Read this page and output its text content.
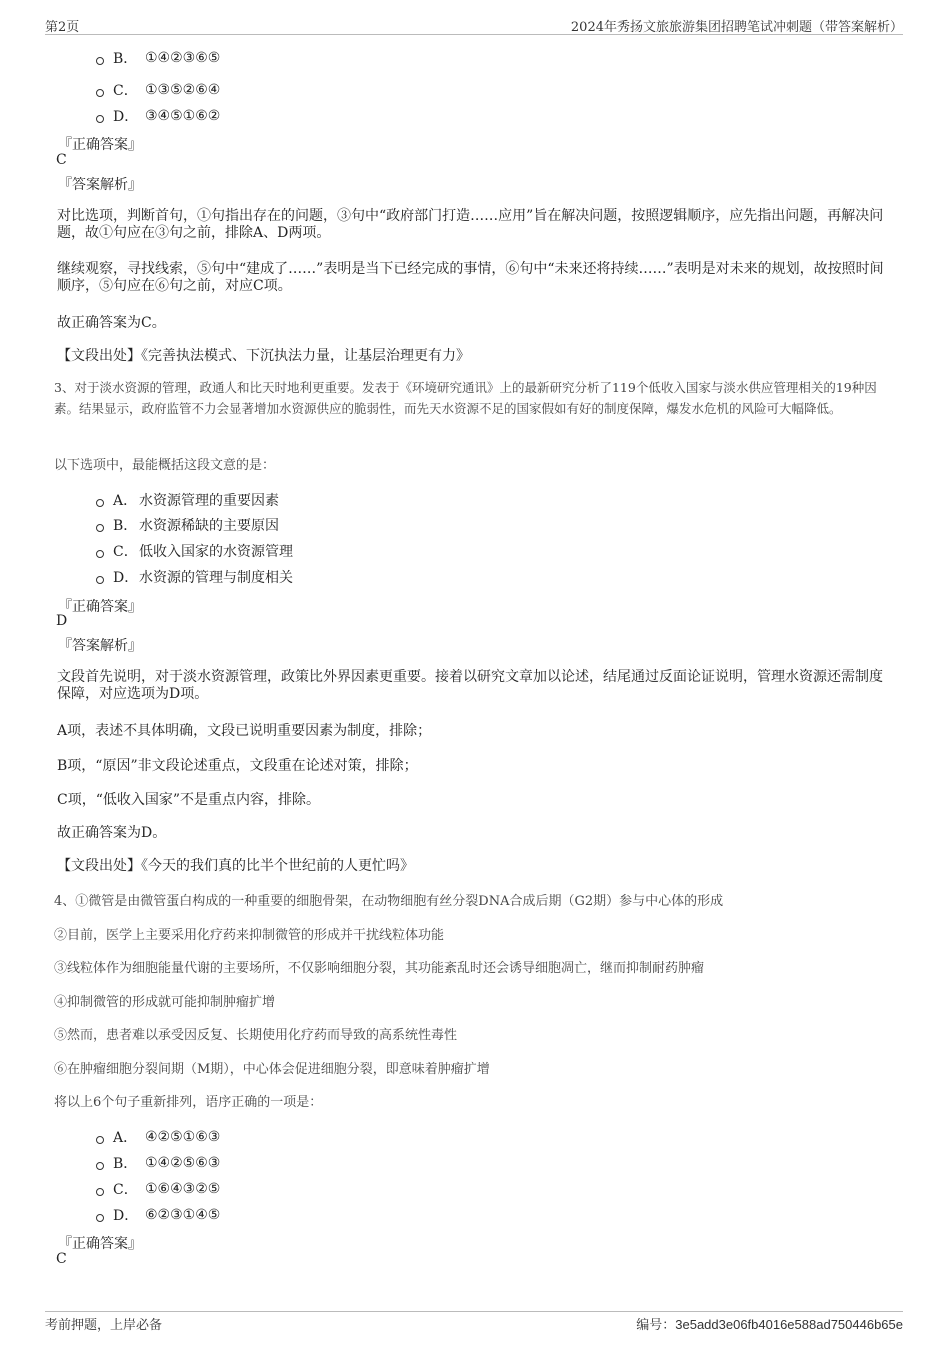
第2页	2024年秀扬文旅旅游集团招聘笔试冲刺题（带答案解析）
B． ①④②③⑥⑤
C． ①③⑤②⑥④
D． ③④⑤①⑥②
『正确答案』
C
『答案解析』
对比选项，判断首句，①句指出存在的问题，③句中“政府部门打造……应用”旨在解决问题，按照逻辑顺序，应先指出问题，再解决问题，故①句应在③句之前，排除A、D两项。
继续观察，寻找线索，⑤句中“建成了……”表明是当下已经完成的事情，⑥句中“未来还将持续……”表明是对未来的规划，故按照时间顺序，⑤句应在⑥句之前，对应C项。
故正确答案为C。
【文段出处】《完善执法模式、下沉执法力量，让基层治理更有力》
3、对于淡水资源的管理，政通人和比天时地利更重要。发表于《环境研究通讯》上的最新研究分析了119个低收入国家与淡水供应管理相关的19种因素。结果显示，政府监管不力会显著增加水资源供应的脆弱性，而先天水资源不足的国家假如有好的制度保障，爆发水危机的风险可大幅降低。
以下选项中，最能概括这段文意的是：
A． 水资源管理的重要因素
B． 水资源稀缺的主要原因
C． 低收入国家的水资源管理
D． 水资源的管理与制度相关
『正确答案』
D
『答案解析』
文段首先说明，对于淡水资源管理，政策比外界因素更重要。接着以研究文章加以论述，结尾通过反面论证说明，管理水资源还需制度保障，对应选项为D项。
A项，表述不具体明确，文段已说明重要因素为制度，排除；
B项，“原因”非文段论述重点，文段重在论述对策，排除；
C项，“低收入国家”不是重点内容，排除。
故正确答案为D。
【文段出处】《今天的我们真的比半个世纪前的人更忙吗》
4、①微管是由微管蛋白构成的一种重要的细胞骨架，在动物细胞有丝分裂DNA合成后期（G2期）参与中心体的形成
②目前，医学上主要采用化疗药来抑制微管的形成并干扰线粒体功能
③线粒体作为细胞能量代谢的主要场所，不仅影响细胞分裂，其功能紊乱时还会诱导细胞凋亡，继而抑制耐药肿瘤
④抑制微管的形成就可能抑制肿瘤扩增
⑤然而，患者难以承受因反复、长期使用化疗药而导致的高系统性毒性
⑥在肿瘤细胞分裂间期（M期），中心体会促进细胞分裂，即意味着肿瘤扩增
将以上6个句子重新排列，语序正确的一项是：
A． ④②⑤①⑥③
B． ①④②⑤⑥③
C． ①⑥④③②⑤
D． ⑥②③①④⑤
『正确答案』
C
考前押题，上岸必备	编号：3e5add3e06fb4016e588ad750446b65e
